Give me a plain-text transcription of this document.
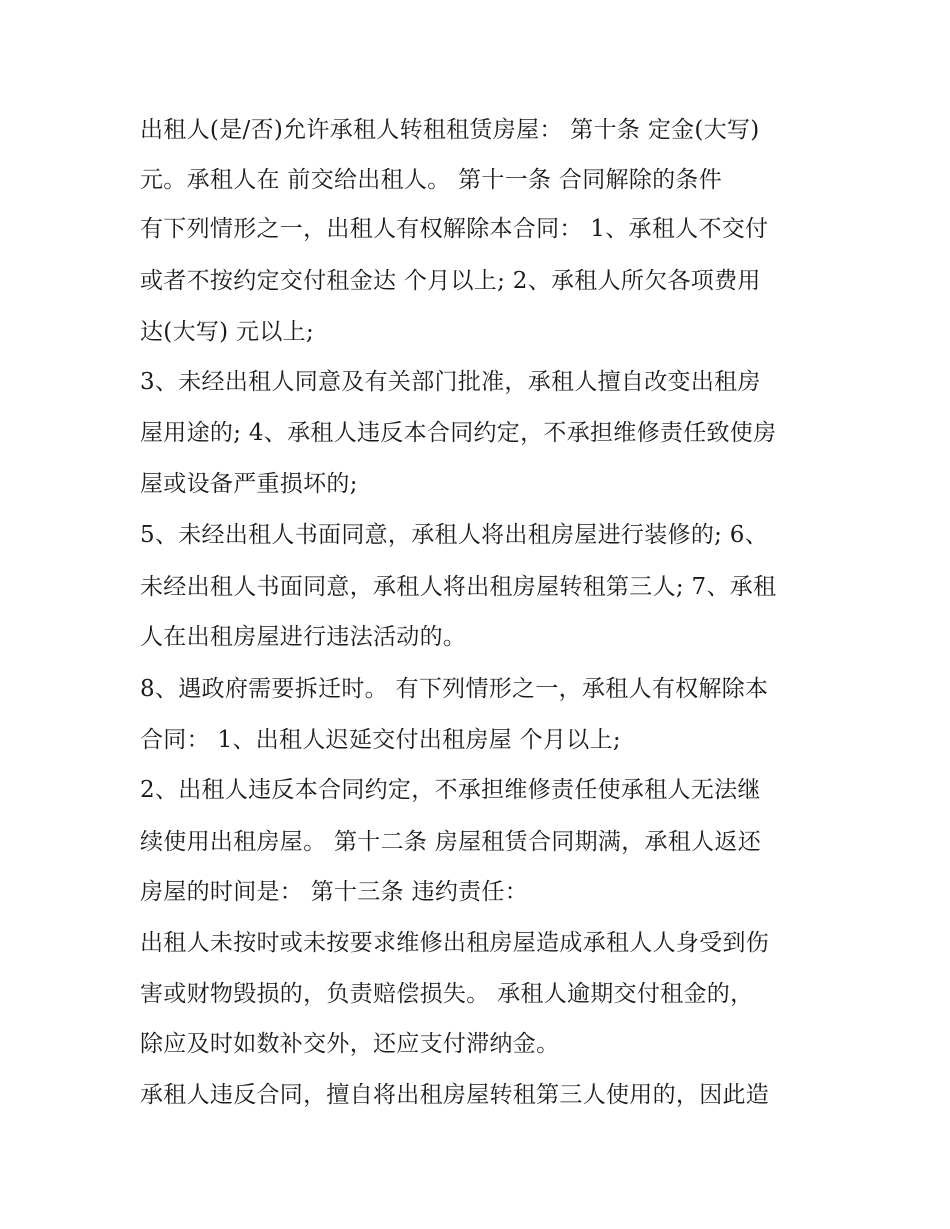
出租人(是/否)允许承租人转租租赁房屋： 第十条 定金(大写)
元。承租人在 前交给出租人。 第十一条 合同解除的条件
有下列情形之一，出租人有权解除本合同： 1、承租人不交付
或者不按约定交付租金达 个月以上; 2、承租人所欠各项费用
达(大写) 元以上;
3、未经出租人同意及有关部门批准，承租人擅自改变出租房
屋用途的; 4、承租人违反本合同约定，不承担维修责任致使房
屋或设备严重损坏的;
5、未经出租人书面同意，承租人将出租房屋进行装修的; 6、
未经出租人书面同意，承租人将出租房屋转租第三人; 7、承租
人在出租房屋进行违法活动的。
8、遇政府需要拆迁时。 有下列情形之一，承租人有权解除本
合同： 1、出租人迟延交付出租房屋 个月以上;
2、出租人违反本合同约定，不承担维修责任使承租人无法继
续使用出租房屋。 第十二条 房屋租赁合同期满，承租人返还
房屋的时间是： 第十三条 违约责任：
出租人未按时或未按要求维修出租房屋造成承租人人身受到伤
害或财物毁损的，负责赔偿损失。 承租人逾期交付租金的，
除应及时如数补交外，还应支付滞纳金。
承租人违反合同，擅自将出租房屋转租第三人使用的，因此造
